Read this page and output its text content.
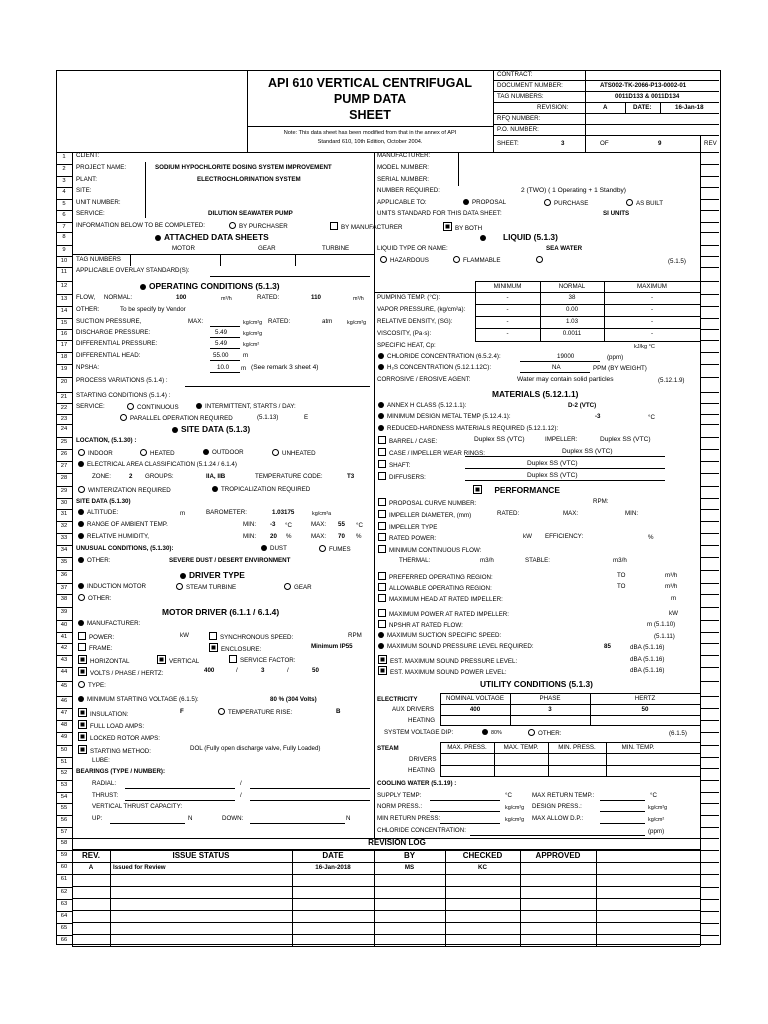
API 610 VERTICAL CENTRIFUGAL
PUMP DATA
SHEET
Note: This data sheet has been modified from that in the annex of API
Standard 610, 10th Edition, October 2004.
CONTRACT:
DOCUMENT NUMBER:	ATS002-TK-2066-P13-0002-01
TAG NUMBERS:	0011D133 & 0011D134
REVISION:	A	DATE:	16-Jan-18
RFQ NUMBER:
P.O. NUMBER:
SHEET:	3	OF	9	REV
1
2
3
4
5
6
7
8
9
10
11
12
13
14
15
16
17
18
19
20
21
22
23
24
25
26
27
28
29
30
31
32
33
34
35
36
37
38
39
40
41
42
43
44
45
46
47
48
49
50
51
52
53
54
55
56
57
58
59
60
61
62
63
64
65
66
CLIENT:
PROJECT NAME:	SODIUM HYPOCHLORITE DOSING SYSTEM IMPROVEMENT
PLANT:	ELECTROCHLORINATION SYSTEM
SITE:
UNIT NUMBER:
SERVICE:	DILUTION SEAWATER PUMP
INFORMATION BELOW TO BE COMPLETED:	BY PURCHASER	BY MANUFACTURER	BY BOTH
ATTACHED DATA SHEETS
MOTOR	GEAR	TURBINE
TAG NUMBERS
APPLICABLE OVERLAY STANDARD(S):
OPERATING CONDITIONS (5.1.3)
FLOW, NORMAL:	100	m³/h	RATED:	110	m³/h
OTHER:	To be specify by Vendor
SUCTION PRESSURE,	MAX:	kg/cm²g RATED:	atm	kg/cm²g
DISCHARGE PRESSURE:	5.49	kg/cm²g
DIFFERENTIAL PRESSURE:	5.49	kg/cm²
DIFFERENTIAL HEAD:	55.00 m
NPSHA:	10.0 m (See remark 3 sheet 4)
PROCESS VARIATIONS (5.1.4) :
STARTING CONDITIONS (5.1.4) :
SERVICE:	CONTINUOUS	INTERMITTENT, STARTS / DAY:
PARALLEL OPERATION REQUIRED	(5.1.13)	E
SITE DATA (5.1.3)
LOCATION, (5.1.30) :
INDOOR	HEATED	OUTDOOR	UNHEATED
ELECTRICAL AREA CLASSIFICATION (5.1.24 / 6.1.4)
ZONE:	2 GROUPS:	IIA, IIB	TEMPERATURE CODE:	T3
WINTERIZATION REQUIRED	TROPICALIZATION REQUIRED
SITE DATA (5.1.30)
ALTITUDE:	m	BAROMETER:	1.03175	kg/cm²a
RANGE OF AMBIENT TEMP.	MIN: -3 °C	MAX: 55 °C
RELATIVE HUMIDITY,	MIN: 20 %	MAX: 70 %
UNUSUAL CONDITIONS, (5.1.30):	DUST	FUMES
OTHER:	SEVERE DUST / DESERT ENVIRONMENT
DRIVER TYPE
INDUCTION MOTOR	STEAM TURBINE	GEAR
OTHER:
MOTOR DRIVER (6.1.1 / 6.1.4)
MANUFACTURER:
POWER:	kW	SYNCHRONOUS SPEED:	RPM
FRAME:	ENCLOSURE:	Minimum IP55
HORIZONTAL	VERTICAL	SERVICE FACTOR:
VOLTS / PHASE / HERTZ:	400	/	3	/	50
TYPE:
MINIMUM STARTING VOLTAGE (6.1.5):	80 % (304 Volts)
INSULATION:	F	TEMPERATURE RISE:	B
FULL LOAD AMPS:
LOCKED ROTOR AMPS:
STARTING METHOD:	DOL (Fully open discharge valve, Fully Loaded)
LUBE:
BEARINGS (TYPE / NUMBER):
RADIAL:	/
THRUST:	/
VERTICAL THRUST CAPACITY:
UP:	N	DOWN:	N
MANUFACTURER:
MODEL NUMBER:
SERIAL NUMBER:
NUMBER REQUIRED:	2 (TWO) ( 1 Operating + 1 Standby)
APPLICABLE TO:	PROPOSAL	PURCHASE	AS BUILT
UNITS STANDARD FOR THIS DATA SHEET:	SI UNITS
LIQUID (5.1.3)
LIQUID TYPE OR NAME:	SEA WATER
HAZARDOUS	FLAMMABLE	(5.1.5)
MINIMUM	NORMAL	MAXIMUM
PUMPING TEMP. (°C):	-	38	-
VAPOR PRESSURE, (kg/cm²a):	-	0.00	-
RELATIVE DENSITY, (SG):	-	1.03	-
VISCOSITY, (Pa·s):	-	0.0011	-
SPECIFIC HEAT, Cp:	kJ/kg °C
CHLORIDE CONCENTRATION (6.5.2.4):	19000	(ppm)
H₂S CONCENTRATION (5.12.1.12C):	NA	PPM (BY WEIGHT)
CORROSIVE / EROSIVE AGENT:	Water may contain solid particles	(5.12.1.9)
MATERIALS (5.12.1.1)
ANNEX H CLASS (5.12.1.1):	D-2 (VTC)
MINIMUM DESIGN METAL TEMP (5.12.4.1):	-3	°C
REDUCED-HARDNESS MATERIALS REQUIRED (5.12.1.12):
BARREL / CASE:	Duplex SS (VTC)	IMPELLER:	Duplex SS (VTC)
CASE / IMPELLER WEAR RINGS:	Duplex SS (VTC)
SHAFT:	Duplex SS (VTC)
DIFFUSERS:	Duplex SS (VTC)
PERFORMANCE
PROPOSAL CURVE NUMBER:	RPM:
IMPELLER DIAMETER, (mm)	RATED:	MAX:	MIN:
IMPELLER TYPE
RATED POWER:	kW EFFICIENCY:	%
MINIMUM CONTINUOUS FLOW:
THERMAL:	m3/h	STABLE:	m3/h
PREFERRED OPERATING REGION:	TO	m³/h
ALLOWABLE OPERATING REGION:	TO	m³/h
MAXIMUM HEAD AT RATED IMPELLER:	m
MAXIMUM POWER AT RATED IMPELLER:	kW
NPSHR AT RATED FLOW:	m (5.1.10)
MAXIMUM SUCTION SPECIFIC SPEED:	(5.1.11)
MAXIMUM SOUND PRESSURE LEVEL REQUIRED:	85	dBA (5.1.16)
EST. MAXIMUM SOUND PRESSURE LEVEL:	dBA (5.1.16)
EST. MAXIMUM SOUND POWER LEVEL:	dBA (5.1.16)
UTILITY CONDITIONS (5.1.3)
ELECTRICITY	NOMINAL VOLTAGE	PHASE	HERTZ
AUX DRIVERS	400	3	50
HEATING
SYSTEM VOLTAGE DIP:	80%	OTHER:	(6.1.5)
STEAM	MAX. PRESS.	MAX. TEMP.	MIN. PRESS.	MIN. TEMP.
DRIVERS
HEATING
COOLING WATER (5.1.19) :
SUPPLY TEMP:	°C	MAX RETURN TEMP.:	°C
NORM PRESS.:	kg/cm²g DESIGN PRESS.:	kg/cm²g
MIN RETURN PRESS:	kg/cm²g MAX ALLOW D.P.:	kg/cm²
CHLORIDE CONCENTRATION:	(ppm)
REVISION LOG
REV.	ISSUE STATUS	DATE	BY	CHECKED	APPROVED
A	Issued for Review	16-Jan-2018	MS	KC
